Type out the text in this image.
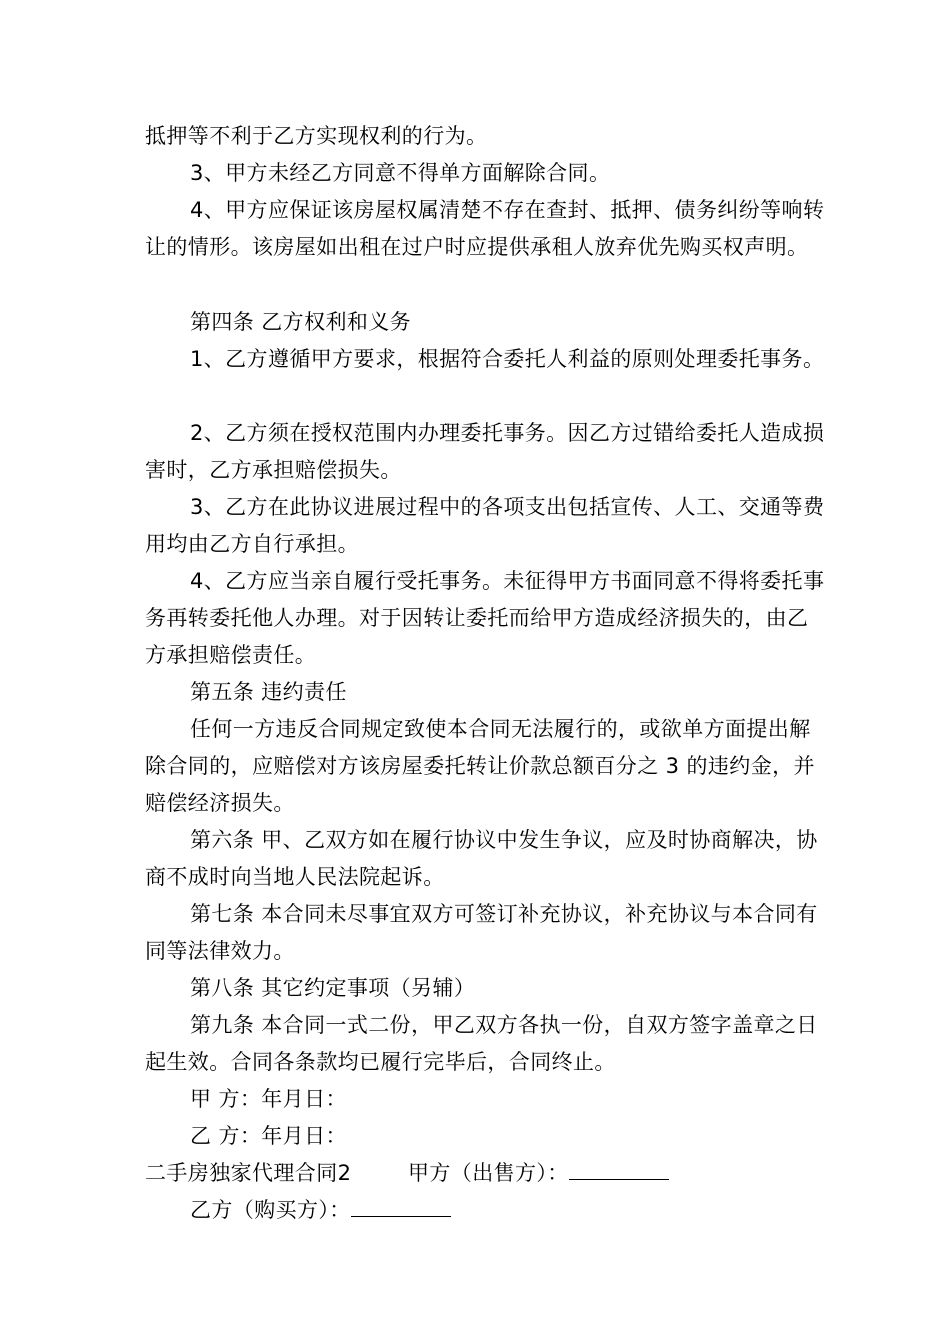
抵押等不利于乙方实现权利的行为。
3、甲方未经乙方同意不得单方面解除合同。
4、甲方应保证该房屋权属清楚不存在查封、抵押、债务纠纷等响转让的情形。该房屋如出租在过户时应提供承租人放弃优先购买权声明。
第四条 乙方权利和义务
1、乙方遵循甲方要求，根据符合委托人利益的原则处理委托事务。
2、乙方须在授权范围内办理委托事务。因乙方过错给委托人造成损害时，乙方承担赔偿损失。
3、乙方在此协议进展过程中的各项支出包括宣传、人工、交通等费用均由乙方自行承担。
4、乙方应当亲自履行受托事务。未征得甲方书面同意不得将委托事务再转委托他人办理。对于因转让委托而给甲方造成经济损失的，由乙方承担赔偿责任。
第五条 违约责任
任何一方违反合同规定致使本合同无法履行的，或欲单方面提出解除合同的，应赔偿对方该房屋委托转让价款总额百分之 3 的违约金，并赔偿经济损失。
第六条 甲、乙双方如在履行协议中发生争议，应及时协商解决，协商不成时向当地人民法院起诉。
第七条 本合同未尽事宜双方可签订补充协议，补充协议与本合同有同等法律效力。
第八条 其它约定事项（另辅）
第九条 本合同一式二份，甲乙双方各执一份，自双方签字盖章之日起生效。合同各条款均已履行完毕后，合同终止。
甲 方：年月日：
乙 方：年月日：
二手房独家代理合同2	甲方（出售方）：
乙方（购买方）：
